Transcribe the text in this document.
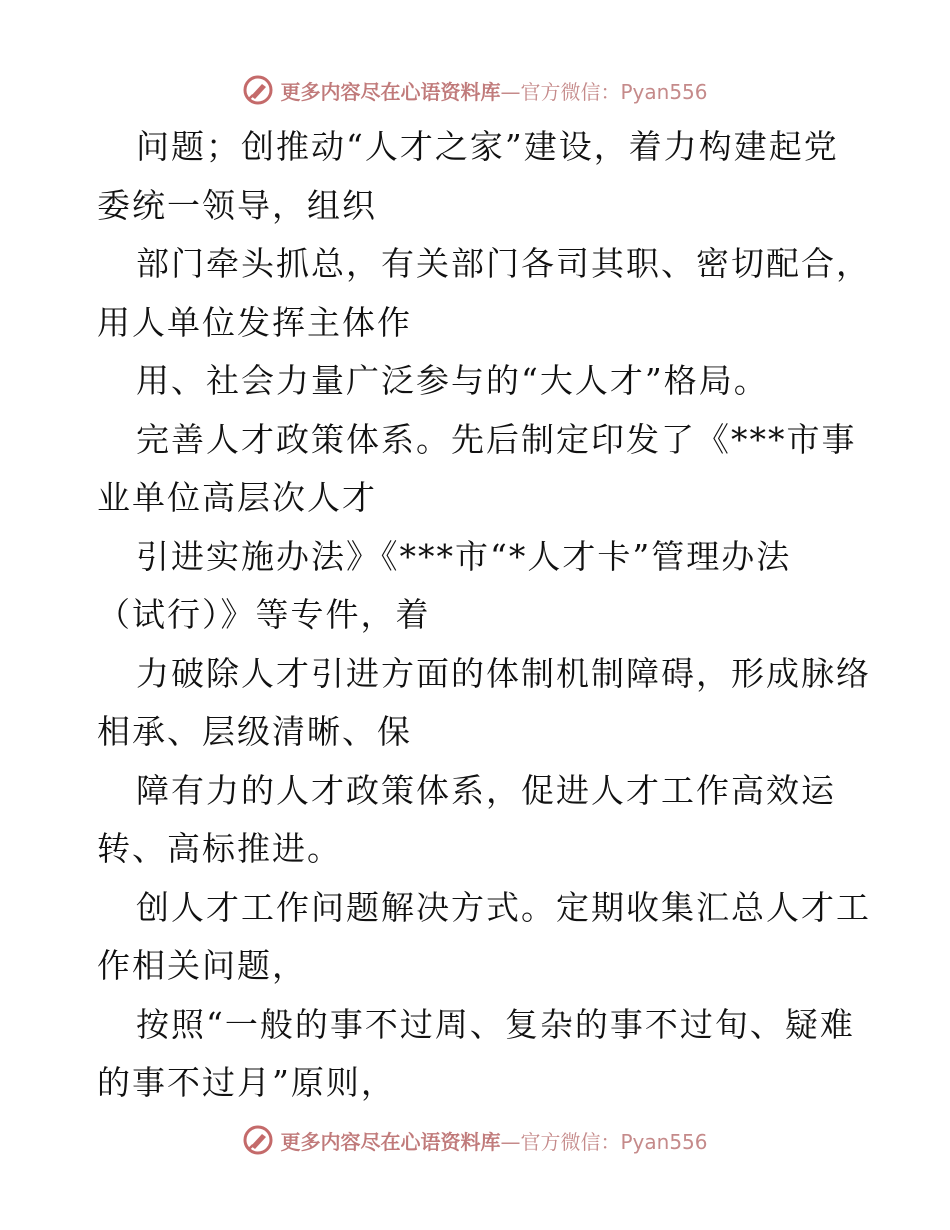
更多内容尽在心语资料库—官方微信：Pyan556
问题；创推动“人才之家”建设，着力构建起党
委统一领导，组织
部门牵头抓总，有关部门各司其职、密切配合，
用人单位发挥主体作
用、社会力量广泛参与的“大人才”格局。
完善人才政策体系。先后制定印发了《***市事
业单位高层次人才
引进实施办法》《***市“*人才卡”管理办法
（试行）》等专件，着
力破除人才引进方面的体制机制障碍，形成脉络
相承、层级清晰、保
障有力的人才政策体系，促进人才工作高效运
转、高标推进。
创人才工作问题解决方式。定期收集汇总人才工
作相关问题，
按照“一般的事不过周、复杂的事不过旬、疑难
的事不过月”原则，
更多内容尽在心语资料库—官方微信：Pyan556
